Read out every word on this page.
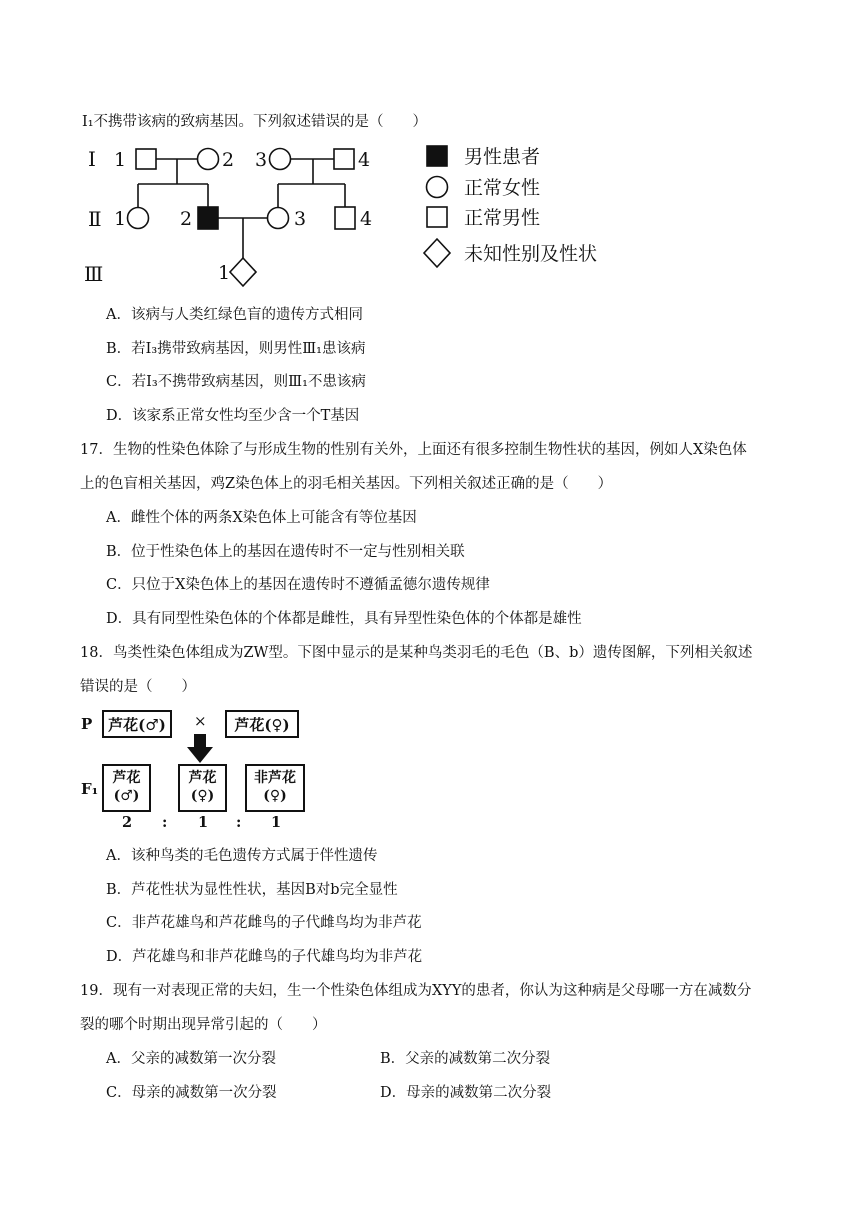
Ⅰ₁不携带该病的致病基因。下列叙述错误的是（　　）
Ⅰ
Ⅱ
Ⅲ
1	2 3	4
1	2	3	4
1
男性患者
正常女性
正常男性
未知性别及性状
A．该病与人类红绿色盲的遗传方式相同
B．若Ⅰ₃携带致病基因，则男性Ⅲ₁患该病
C．若Ⅰ₃不携带致病基因，则Ⅲ₁不患该病
D．该家系正常女性均至少含一个T基因
17．生物的性染色体除了与形成生物的性别有关外，上面还有很多控制生物性状的基因，例如人X染色体
上的色盲相关基因，鸡Z染色体上的羽毛相关基因。下列相关叙述正确的是（　　）
A．雌性个体的两条X染色体上可能含有等位基因
B．位于性染色体上的基因在遗传时不一定与性别相关联
C．只位于X染色体上的基因在遗传时不遵循孟德尔遗传规律
D．具有同型性染色体的个体都是雌性，具有异型性染色体的个体都是雄性
18．鸟类性染色体组成为ZW型。下图中显示的是某种鸟类羽毛的毛色（B、b）遗传图解，下列相关叙述
错误的是（　　）
P	芦花(♂)	×	芦花(♀)
F₁
芦花
(♂)
芦花
(♀)
非芦花
(♀)
2 : 1 : 1
A．该种鸟类的毛色遗传方式属于伴性遗传
B．芦花性状为显性性状，基因B对b完全显性
C．非芦花雄鸟和芦花雌鸟的子代雌鸟均为非芦花
D．芦花雄鸟和非芦花雌鸟的子代雄鸟均为非芦花
19．现有一对表现正常的夫妇，生一个性染色体组成为XYY的患者，你认为这种病是父母哪一方在减数分
裂的哪个时期出现异常引起的（　　）
A．父亲的减数第一次分裂	B．父亲的减数第二次分裂
C．母亲的减数第一次分裂	D．母亲的减数第二次分裂
